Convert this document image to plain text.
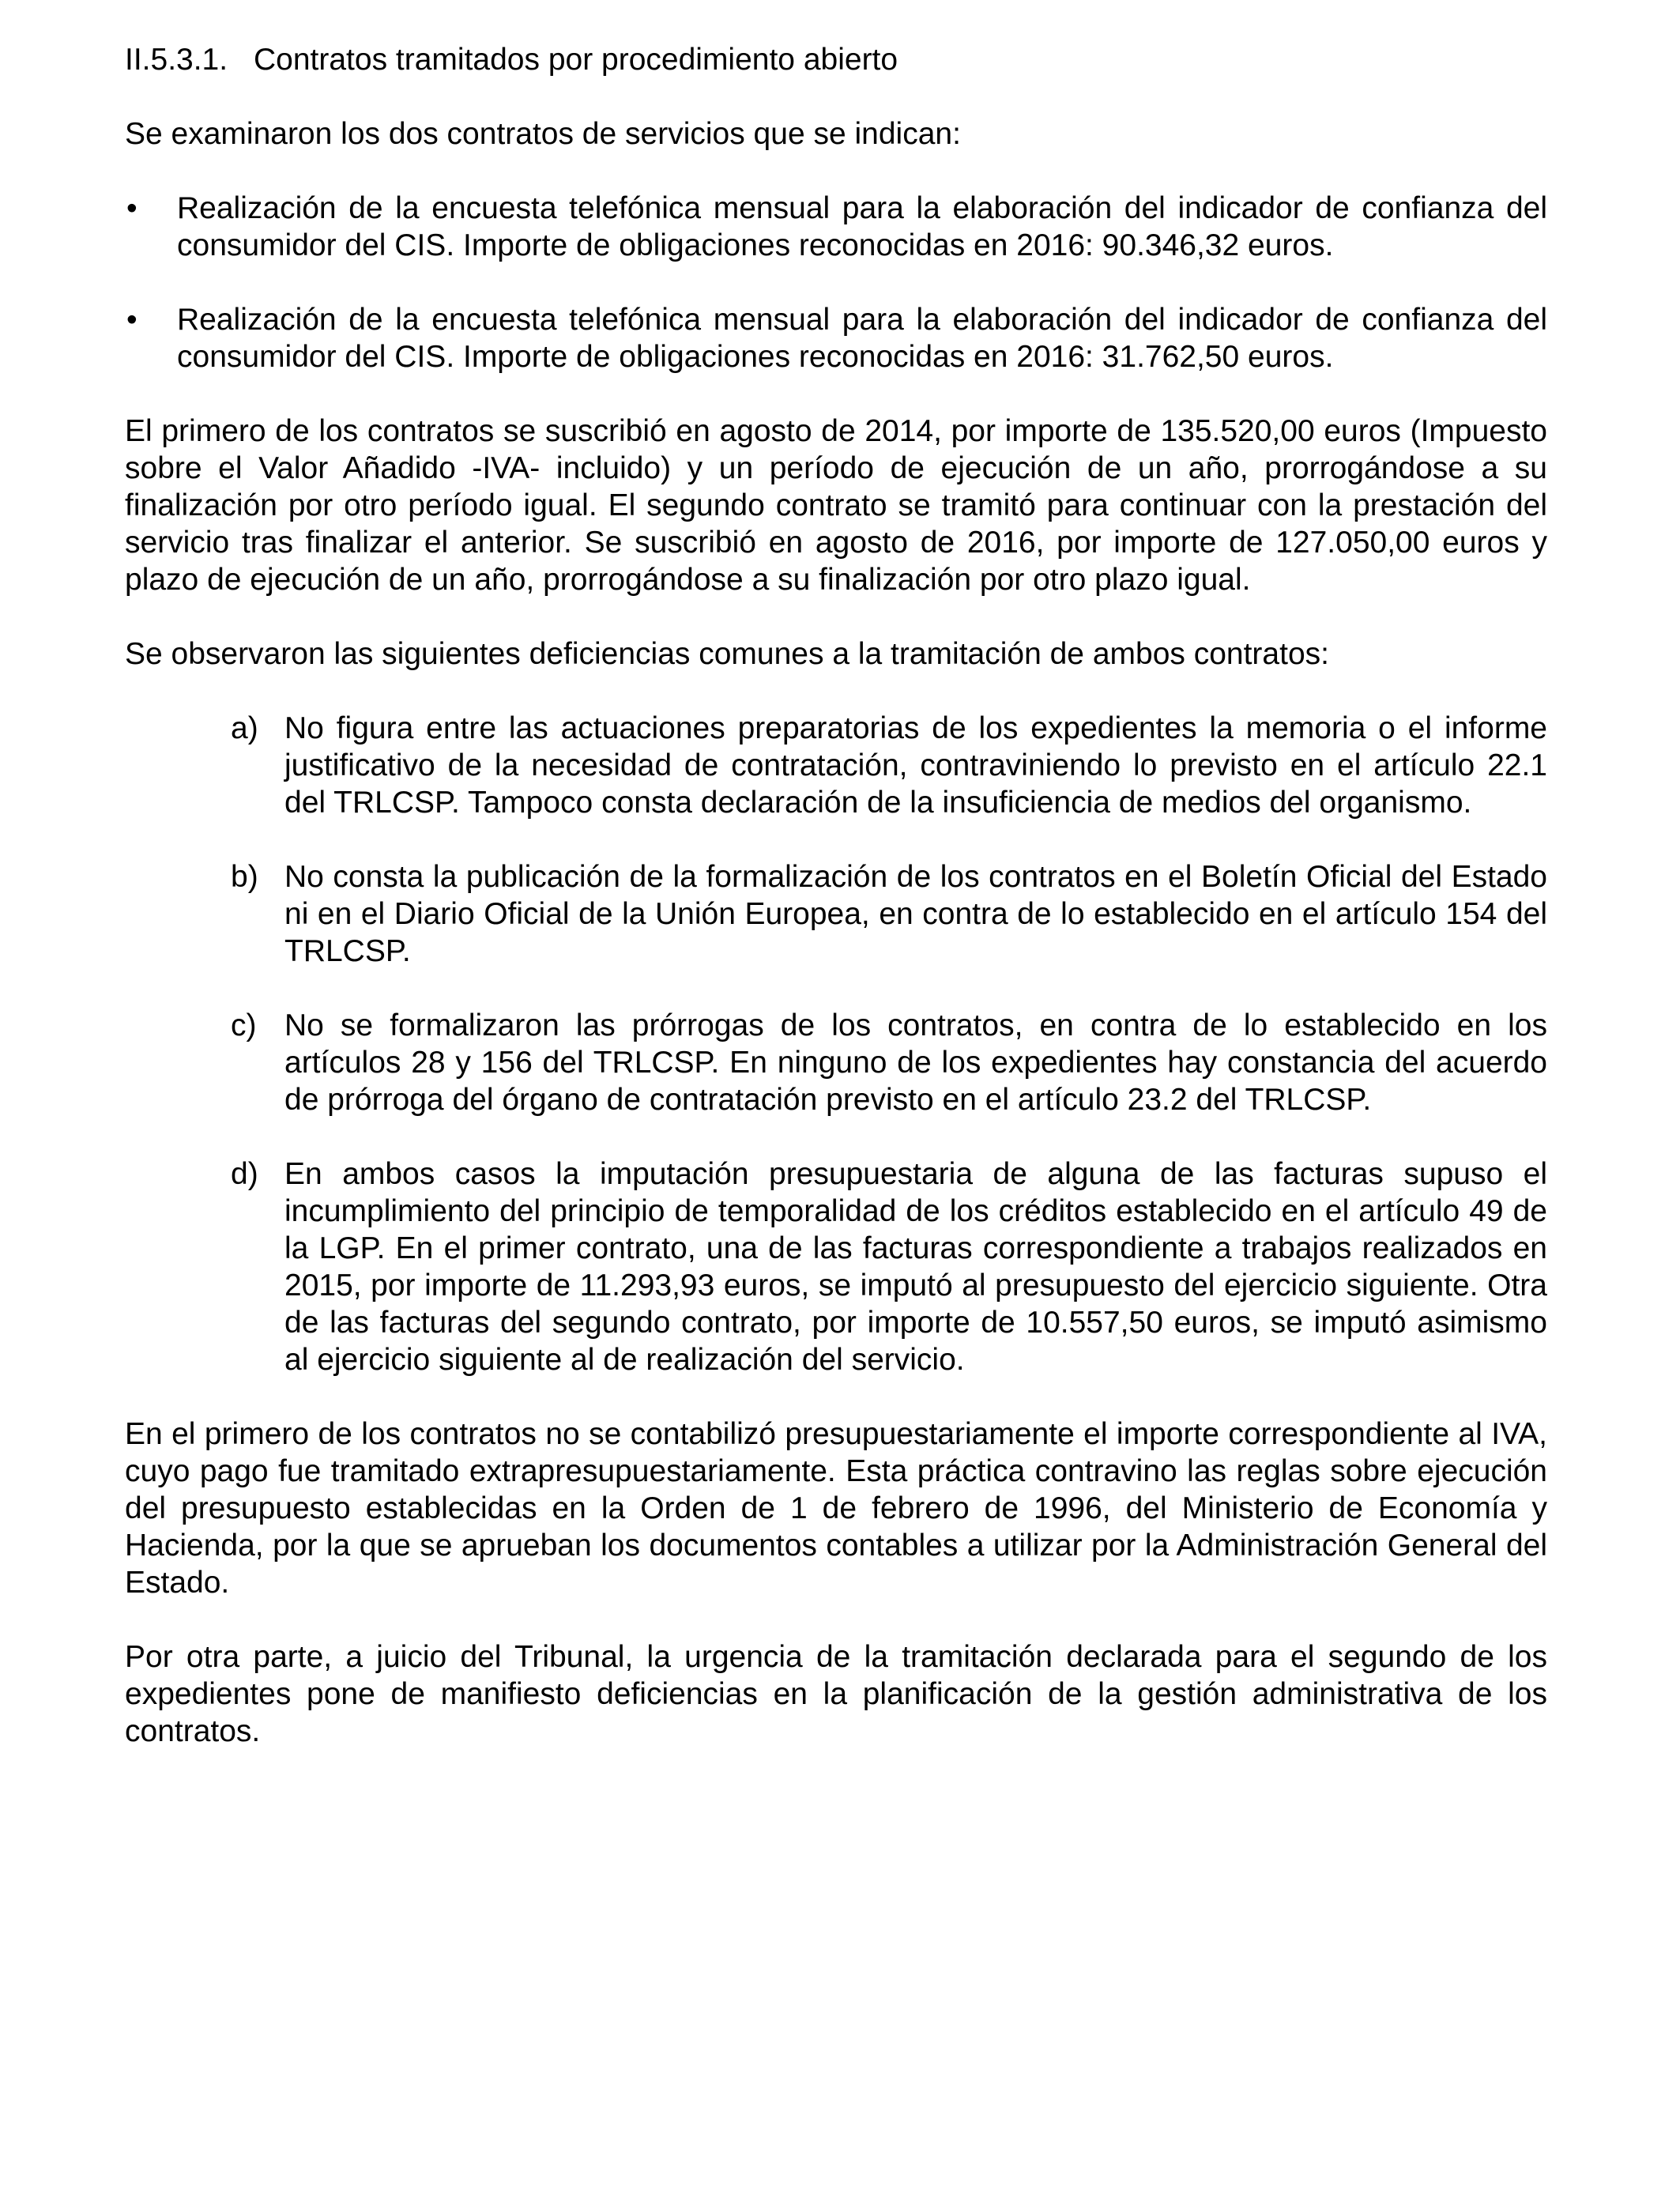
II.5.3.1. Contratos tramitados por procedimiento abierto

Se examinaron los dos contratos de servicios que se indican:

• Realización de la encuesta telefónica mensual para la elaboración del indicador de confianza del consumidor del CIS. Importe de obligaciones reconocidas en 2016: 90.346,32 euros.
• Realización de la encuesta telefónica mensual para la elaboración del indicador de confianza del consumidor del CIS. Importe de obligaciones reconocidas en 2016: 31.762,50 euros.

El primero de los contratos se suscribió en agosto de 2014, por importe de 135.520,00 euros (Impuesto sobre el Valor Añadido -IVA- incluido) y un período de ejecución de un año, prorrogándose a su finalización por otro período igual. El segundo contrato se tramitó para continuar con la prestación del servicio tras finalizar el anterior. Se suscribió en agosto de 2016, por importe de 127.050,00 euros y plazo de ejecución de un año, prorrogándose a su finalización por otro plazo igual.

Se observaron las siguientes deficiencias comunes a la tramitación de ambos contratos:

a) No figura entre las actuaciones preparatorias de los expedientes la memoria o el informe justificativo de la necesidad de contratación, contraviniendo lo previsto en el artículo 22.1 del TRLCSP. Tampoco consta declaración de la insuficiencia de medios del organismo.
b) No consta la publicación de la formalización de los contratos en el Boletín Oficial del Estado ni en el Diario Oficial de la Unión Europea, en contra de lo establecido en el artículo 154 del TRLCSP.
c) No se formalizaron las prórrogas de los contratos, en contra de lo establecido en los artículos 28 y 156 del TRLCSP. En ninguno de los expedientes hay constancia del acuerdo de prórroga del órgano de contratación previsto en el artículo 23.2 del TRLCSP.
d) En ambos casos la imputación presupuestaria de alguna de las facturas supuso el incumplimiento del principio de temporalidad de los créditos establecido en el artículo 49 de la LGP. En el primer contrato, una de las facturas correspondiente a trabajos realizados en 2015, por importe de 11.293,93 euros, se imputó al presupuesto del ejercicio siguiente. Otra de las facturas del segundo contrato, por importe de 10.557,50 euros, se imputó asimismo al ejercicio siguiente al de realización del servicio.

En el primero de los contratos no se contabilizó presupuestariamente el importe correspondiente al IVA, cuyo pago fue tramitado extrapresupuestariamente. Esta práctica contravino las reglas sobre ejecución del presupuesto establecidas en la Orden de 1 de febrero de 1996, del Ministerio de Economía y Hacienda, por la que se aprueban los documentos contables a utilizar por la Administración General del Estado.

Por otra parte, a juicio del Tribunal, la urgencia de la tramitación declarada para el segundo de los expedientes pone de manifiesto deficiencias en la planificación de la gestión administrativa de los contratos.
